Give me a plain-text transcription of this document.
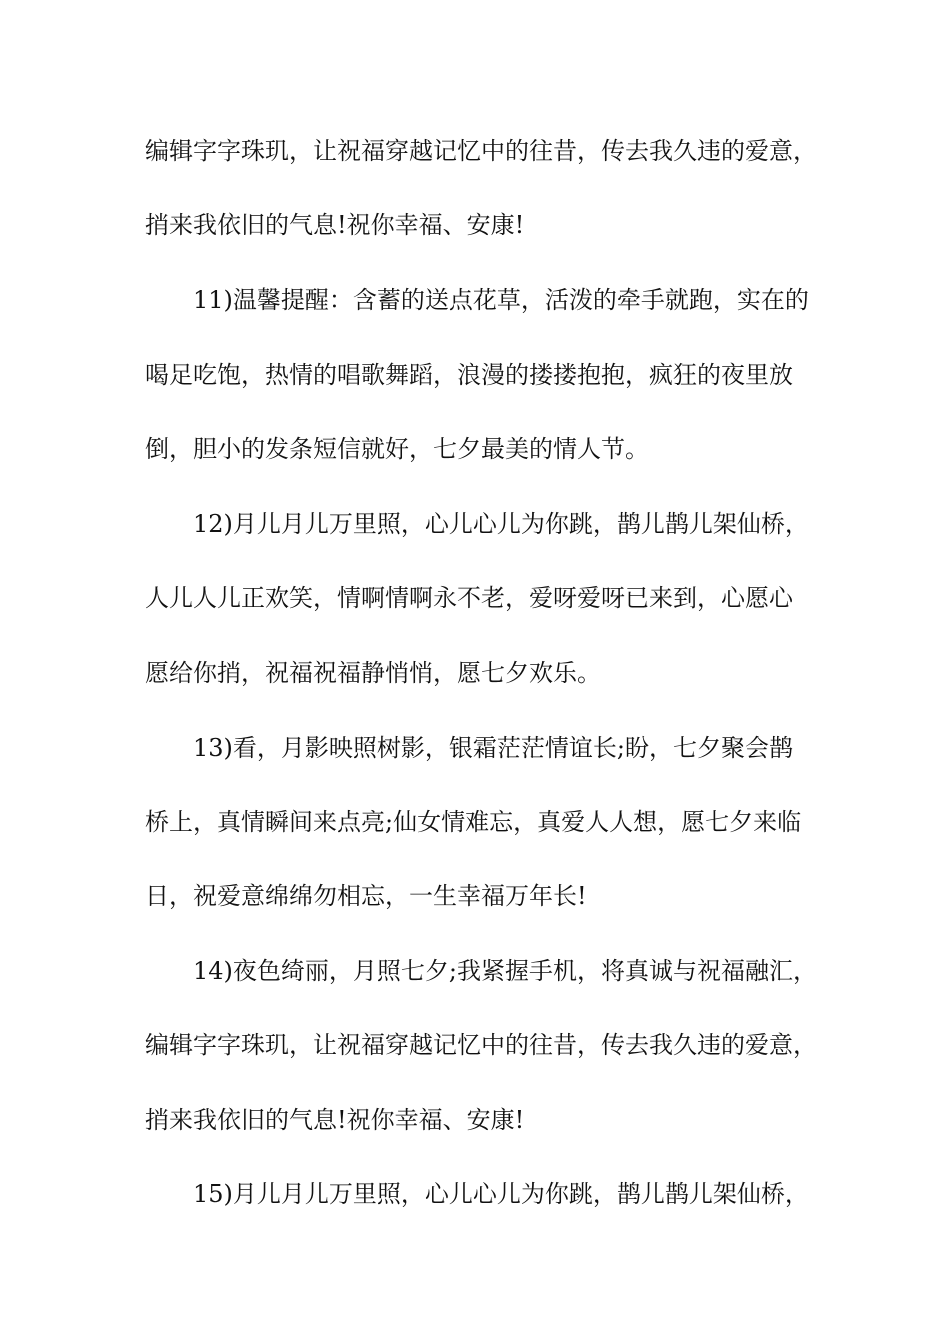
编辑字字珠玑，让祝福穿越记忆中的往昔，传去我久违的爱意，
捎来我依旧的气息!祝你幸福、安康!
11)温馨提醒：含蓄的送点花草，活泼的牵手就跑，实在的
喝足吃饱，热情的唱歌舞蹈，浪漫的搂搂抱抱，疯狂的夜里放
倒，胆小的发条短信就好，七夕最美的情人节。
12)月儿月儿万里照，心儿心儿为你跳，鹊儿鹊儿架仙桥，
人儿人儿正欢笑，情啊情啊永不老，爱呀爱呀已来到，心愿心
愿给你捎，祝福祝福静悄悄，愿七夕欢乐。
13)看，月影映照树影，银霜茫茫情谊长;盼，七夕聚会鹊
桥上，真情瞬间来点亮;仙女情难忘，真爱人人想，愿七夕来临
日，祝爱意绵绵勿相忘，一生幸福万年长!
14)夜色绮丽，月照七夕;我紧握手机，将真诚与祝福融汇，
编辑字字珠玑，让祝福穿越记忆中的往昔，传去我久违的爱意，
捎来我依旧的气息!祝你幸福、安康!
15)月儿月儿万里照，心儿心儿为你跳，鹊儿鹊儿架仙桥，
